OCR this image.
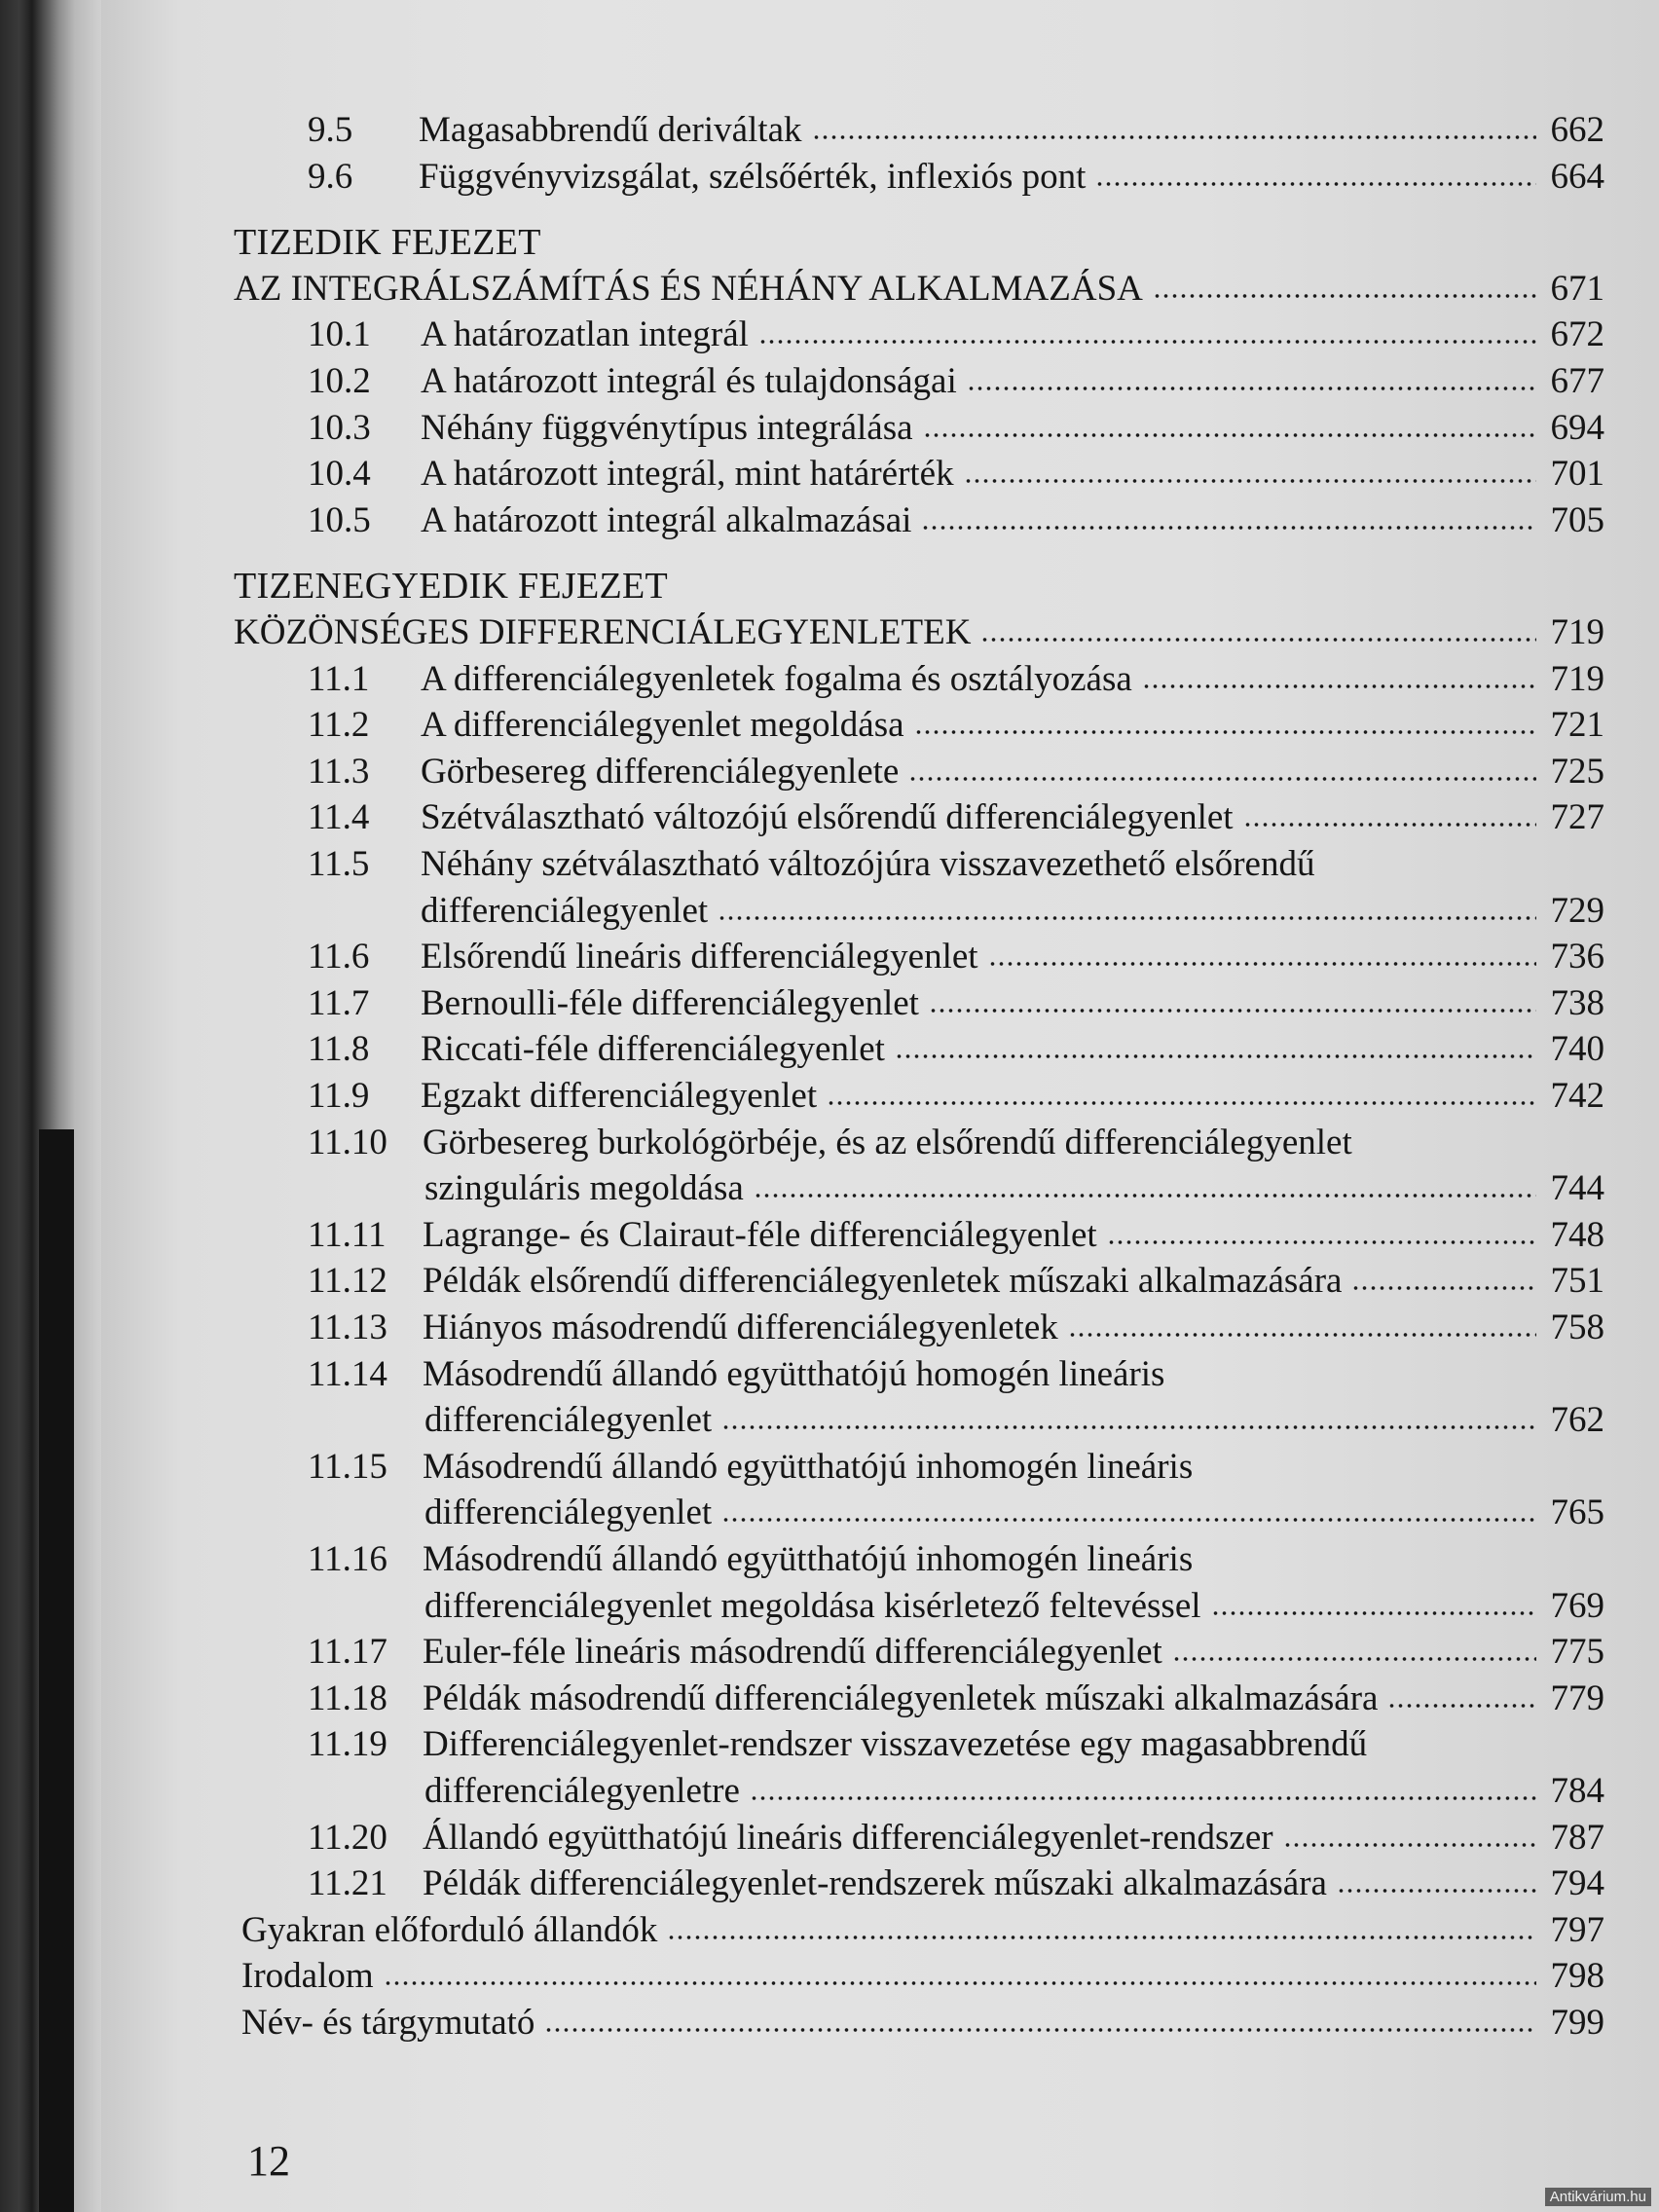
9.5	Magasabbrendű deriváltak	662
9.6	Függvényvizsgálat, szélsőérték, inflexiós pont	664
TIZEDIK FEJEZET
AZ INTEGRÁLSZÁMÍTÁS ÉS NÉHÁNY ALKALMAZÁSA	671
10.1	A határozatlan integrál	672
10.2	A határozott integrál és tulajdonságai	677
10.3	Néhány függvénytípus integrálása	694
10.4	A határozott integrál, mint határérték	701
10.5	A határozott integrál alkalmazásai	705
TIZENEGYEDIK FEJEZET
KÖZÖNSÉGES DIFFERENCIÁLEGYENLETEK	719
11.1	A differenciálegyenletek fogalma és osztályozása	719
11.2	A differenciálegyenlet megoldása	721
11.3	Görbesereg differenciálegyenlete	725
11.4	Szétválasztható változójú elsőrendű differenciálegyenlet	727
11.5	Néhány szétválasztható változójúra visszavezethető elsőrendű
differenciálegyenlet	729
11.6	Elsőrendű lineáris differenciálegyenlet	736
11.7	Bernoulli-féle differenciálegyenlet	738
11.8	Riccati-féle differenciálegyenlet	740
11.9	Egzakt differenciálegyenlet	742
11.10 Görbesereg burkológörbéje, és az elsőrendű differenciálegyenlet
szinguláris megoldása	744
11.11	Lagrange- és Clairaut-féle differenciálegyenlet	748
11.12 Példák elsőrendű differenciálegyenletek műszaki alkalmazására	751
11.13 Hiányos másodrendű differenciálegyenletek	758
11.14 Másodrendű állandó együtthatójú homogén lineáris
differenciálegyenlet	762
11.15 Másodrendű állandó együtthatójú inhomogén lineáris
differenciálegyenlet	765
11.16 Másodrendű állandó együtthatójú inhomogén lineáris
differenciálegyenlet megoldása kisérletező feltevéssel	769
11.17 Euler-féle lineáris másodrendű differenciálegyenlet	775
11.18 Példák másodrendű differenciálegyenletek műszaki alkalmazására	779
11.19 Differenciálegyenlet-rendszer visszavezetése egy magasabbrendű
differenciálegyenletre	784
11.20 Állandó együtthatójú lineáris differenciálegyenlet-rendszer	787
11.21 Példák differenciálegyenlet-rendszerek műszaki alkalmazására	794
Gyakran előforduló állandók	797
Irodalom	798
Név- és tárgymutató	799
12
Antikvárium.hu
